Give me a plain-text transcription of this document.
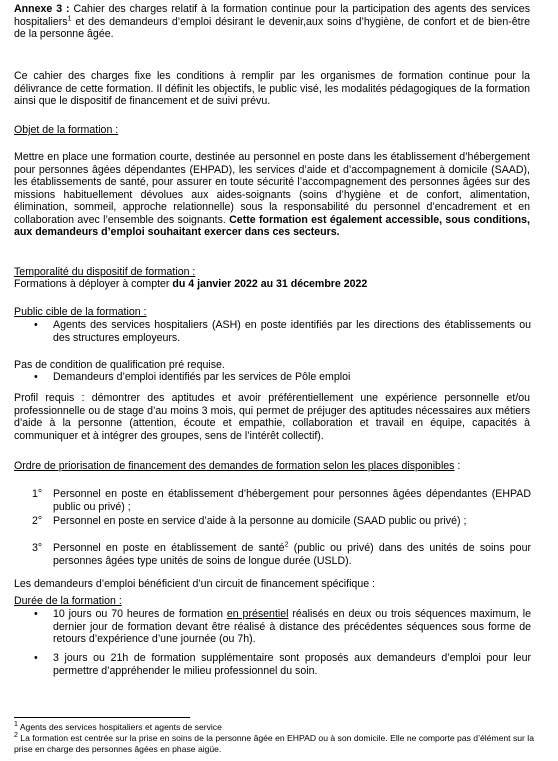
Annexe 3 : Cahier des charges relatif à la formation continue pour la participation des agents des services hospitaliers$^1$ et des demandeurs d’emploi désirant le devenir,aux soins d’hygiène, de confort et de bien-être de la personne âgée.

Ce cahier des charges fixe les conditions à remplir par les organismes de formation continue pour la délivrance de cette formation. Il définit les objectifs, le public visé, les modalités pédagogiques de la formation ainsi que le dispositif de financement et de suivi prévu.

Objet de la formation :

Mettre en place une formation courte, destinée au personnel en poste dans les établissement d’hébergement pour personnes âgées dépendantes (EHPAD), les services d’aide et d’accompagnement à domicile (SAAD), les établissements de santé, pour assurer en toute sécurité l’accompagnement des personnes âgées sur des missions habituellement dévolues aux aides-soignants (soins d’hygiène et de confort, alimentation, élimination, sommeil, approche relationnelle) sous la responsabilité du personnel d’encadrement et en collaboration avec l’ensemble des soignants. Cette formation est également accessible, sous conditions, aux demandeurs d’emploi souhaitant exercer dans ces secteurs.

Temporalité du dispositif de formation :

Formations à déployer à compter du 4 janvier 2022 au 31 décembre 2022

Public cible de la formation :

• Agents des services hospitaliers (ASH) en poste identifiés par les directions des établissements ou des structures employeurs.

Pas de condition de qualification pré requise.

• Demandeurs d’emploi identifiés par les services de Pôle emploi

Profil requis : démontrer des aptitudes et avoir préférentiellement une expérience personnelle et/ou professionnelle ou de stage d’au moins 3 mois, qui permet de préjuger des aptitudes nécessaires aux métiers d’aide à la personne (attention, écoute et empathie, collaboration et travail en équipe, capacités à communiquer et à intégrer des groupes, sens de l’intérêt collectif).

Ordre de priorisation de financement des demandes de formation selon les places disponibles :

1° Personnel en poste en établissement d’hébergement pour personnes âgées dépendantes (EHPAD public ou privé) ;

2° Personnel en poste en service d’aide à la personne au domicile (SAAD public ou privé) ;

3° Personnel en poste en établissement de santé$^2$ (public ou privé) dans des unités de soins pour personnes âgées type unités de soins de longue durée (USLD).

Les demandeurs d’emploi bénéficient d’un circuit de financement spécifique :

Durée de la formation :

• 10 jours ou 70 heures de formation en présentiel réalisés en deux ou trois séquences maximum, le dernier jour de formation devant être réalisé à distance des précédentes séquences sous forme de retours d’expérience d’une journée (ou 7h).

• 3 jours ou 21h de formation supplémentaire sont proposés aux demandeurs d’emploi pour leur permettre d’appréhender le milieu professionnel du soin.

$^1$ Agents des services hospitaliers et agents de service

$^2$ La formation est centrée sur la prise en soins de la personne âgée en EHPAD ou à son domicile. Elle ne comporte pas d’élément sur la prise en charge des personnes âgées en phase aigüe.
